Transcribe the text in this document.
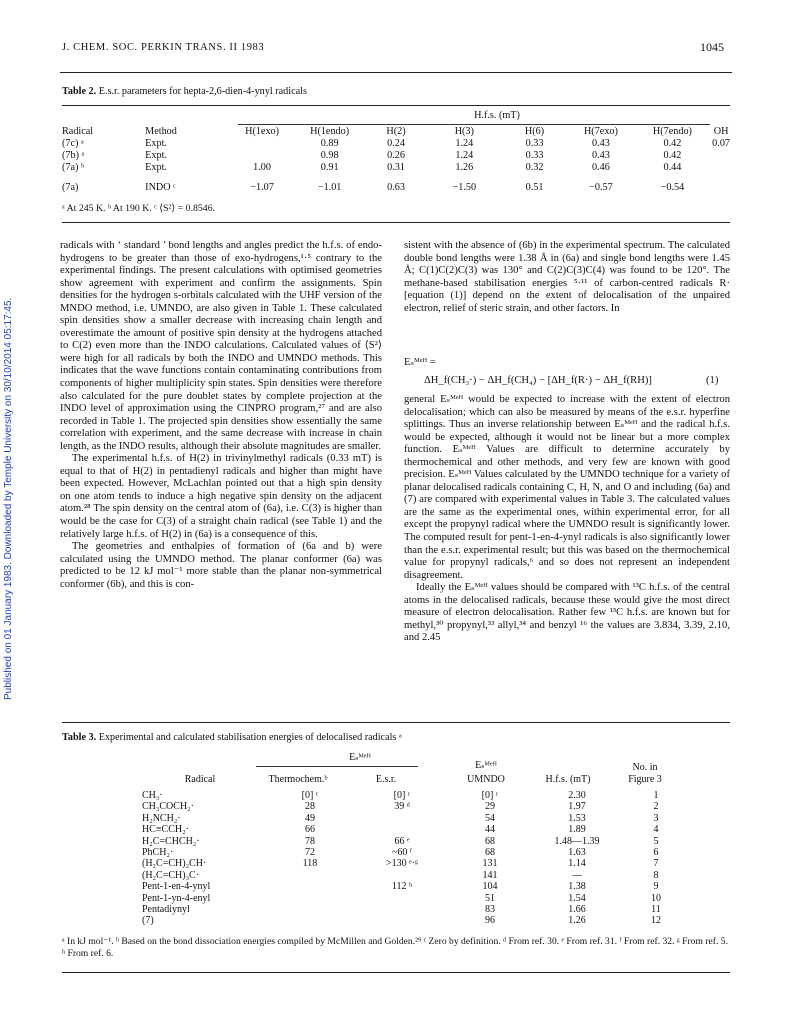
J. CHEM. SOC. PERKIN TRANS. II 1983	1045
Published on 01 January 1983. Downloaded by Temple University on 30/10/2014 05:17:45.
Table 2. E.s.r. parameters for hepta-2,6-dien-4-ynyl radicals
H.f.s. (mT)
Radical	Method	H(1exo)	H(1endo)	H(2)	H(3)	H(6)	H(7exo)	H(7endo)	OH
(7c) ᵃ	Expt.		0.89	0.24	1.24	0.33	0.43	0.42	0.07
(7b) ᵃ	Expt.		0.98	0.26	1.24	0.33	0.43	0.42	
(7a) ᵇ	Expt.	1.00	0.91	0.31	1.26	0.32	0.46	0.44	
(7a)	INDO ᶜ	−1.07	−1.01	0.63	−1.50	0.51	−0.57	−0.54	
ᵃ At 245 K. ᵇ At 190 K. ᶜ ⟨S²⟩ = 0.8546.

radicals with ‘ standard ’ bond lengths and angles predict the h.f.s. of endo-hydrogens to be greater than those of exo-hydrogens,¹·⁵ contrary to the experimental findings. The present calculations with optimised geometries show agreement with experiment and confirm the assignments. Spin densities for the hydrogen s-orbitals calculated with the UHF version of the MNDO method, i.e. UMNDO, are also given in Table 1. These calculated spin densities show a smaller decrease with increasing chain length and overestimate the amount of positive spin density at the hydrogens attached to C(2) even more than the INDO calculations. Calculated values of ⟨S²⟩ were high for all radicals by both the INDO and UMNDO methods. This indicates that the wave functions contain contaminating contributions from components of higher multiplicity spin states. Spin densities were therefore also calculated for the pure doublet states by complete projection at the INDO level of approximation using the CINPRO program,²⁷ and are also recorded in Table 1. The projected spin densities show essentially the same correlation with experiment, and the same decrease with increase in chain length, as the INDO results, although their absolute magnitudes are smaller.

The experimental h.f.s. of H(2) in trivinylmethyl radicals (0.33 mT) is equal to that of H(2) in pentadienyl radicals and higher than might have been expected. However, McLachlan pointed out that a high spin density on one atom tends to induce a high negative spin density on the adjacent atom.²⁸ The spin density on the central atom of (6a), i.e. C(3) is higher than would be the case for C(3) of a straight chain radical (see Table 1) and the relatively large h.f.s. of H(2) in (6a) is a consequence of this.

The geometries and enthalpies of formation of (6a and b) were calculated using the UMNDO method. The planar conformer (6a) was predicted to be 12 kJ mol⁻¹ more stable than the planar non-symmetrical conformer (6b), and this is con-

sistent with the absence of (6b) in the experimental spectrum. The calculated double bond lengths were 1.38 Å in (6a) and single bond lengths were 1.45 Å; C(1)C(2)C(3) was 130° and C(2)C(3)C(4) was found to be 120°. The methane-based stabilisation energies ⁵·¹¹ of carbon-centred radicals R· [equation (1)] depend on the extent of delocalisation of the unpaired electron, relief of steric strain, and other factors. In
Eₛᴹᵉᴴ =
ΔH_f(CH₃·) − ΔH_f(CH₄) − [ΔH_f(R·) − ΔH_f(RH)]	(1)

general Eₛᴹᵉᴴ would be expected to increase with the extent of electron delocalisation; which can also be measured by means of the e.s.r. hyperfine splittings. Thus an inverse relationship between Eₛᴹᵉᴴ and the radical h.f.s. would be expected, although it would not be linear but a more complex function. Eₛᴹᵉᴴ Values are difficult to determine accurately by thermochemical and other methods, and very few are known with good precision. Eₛᴹᵉᴴ Values calculated by the UMNDO technique for a variety of planar delocalised radicals containing C, H, N, and O and including (6a) and (7) are compared with experimental values in Table 3. The calculated values are the same as the experimental ones, within experimental error, for all except the propynyl radical where the UMNDO result is significantly lower. The computed result for pent-1-en-4-ynyl radicals is also significantly lower than the e.s.r. experimental result; but this was based on the thermochemical value for propynyl radicals,⁶ and so does not represent an independent disagreement.

Ideally the Eₛᴹᵉᴴ values should be compared with ¹³C h.f.s. of the central atoms in the delocalised radicals, because these would give the most direct measure of electron delocalisation. Rather few ¹³C h.f.s. are known but for methyl,³⁰ propynyl,³³ allyl,³⁴ and benzyl ¹⁶ the values are 3.834, 3.39, 2.10, and 2.45

Table 3. Experimental and calculated stabilisation energies of delocalised radicals ᵃ
Eₛᴹᵉᴴ
Eₛᴹᵉᴴ	No. in
Radical	Thermochem.ᵇ	E.s.r.	UMNDO	H.f.s. (mT)	Figure 3
CH₃·	[0] ᶜ	[0] ᶜ	[0] ᶜ	2.30	1
CH₃COCH₂·	28	39 ᵈ	29	1.97	2
H₂NCH₂·	49		54	1.53	3
HC≡CCH₂·	66		44	1.89	4
H₂C=CHCH₂·	78	66 ᵉ	68	1.48—1.39	5
PhCH₂·	72	~60 ᶠ	68	1.63	6
(H₂C=CH)₂CH·	118	>130 ᵉ·ᵍ	131	1.14	7
(H₂C=CH)₃C·			141	—	8
Pent-1-en-4-ynyl		112 ʰ	104	1.38	9
Pent-1-yn-4-enyl			51	1.54	10
Pentadiynyl			83	1.66	11
(7)			96	1.26	12
ᵃ In kJ mol⁻¹. ᵇ Based on the bond dissociation energies compiled by McMillen and Golden.²⁹ ᶜ Zero by definition. ᵈ From ref. 30. ᵉ From ref. 31. ᶠ From ref. 32. ᵍ From ref. 5. ʰ From ref. 6.
